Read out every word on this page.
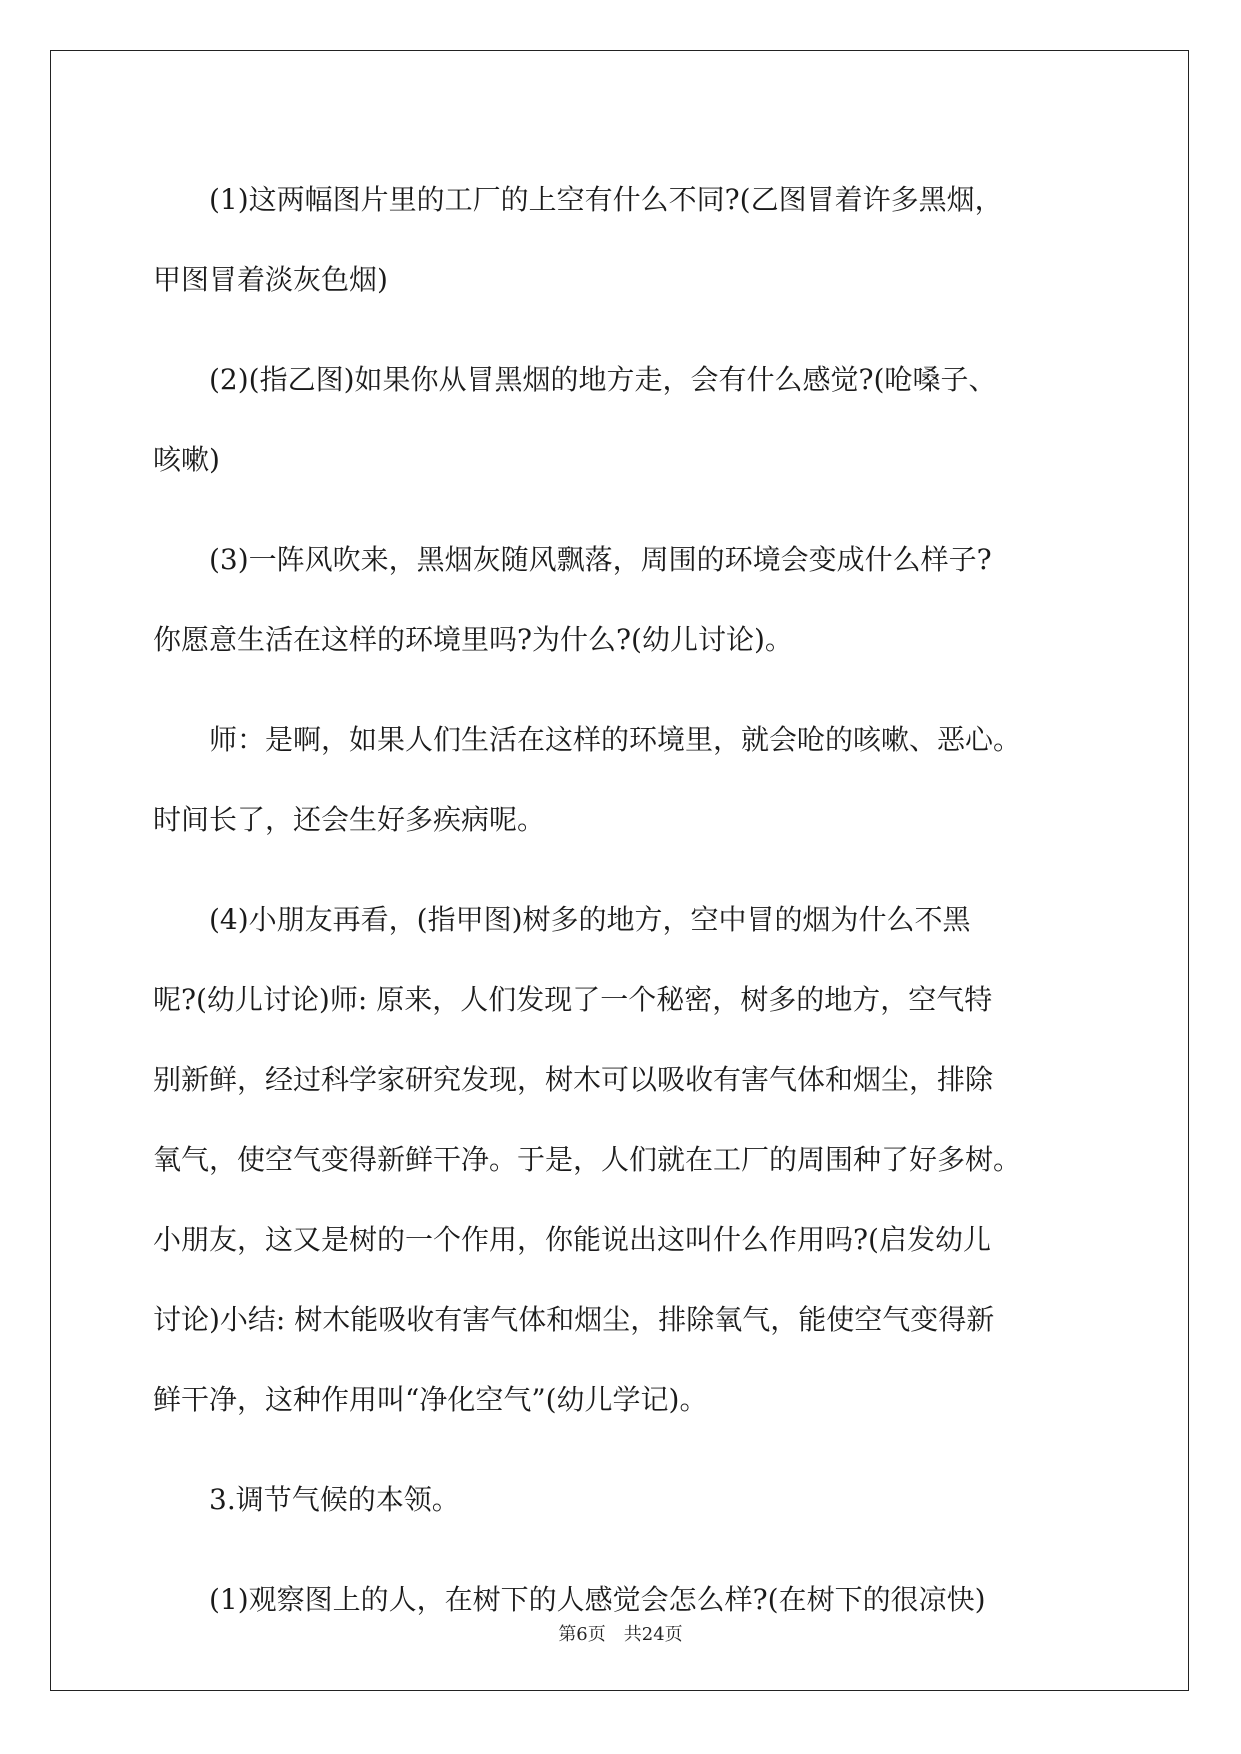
(1)这两幅图片里的工厂的上空有什么不同?(乙图冒着许多黑烟，
甲图冒着淡灰色烟)
(2)(指乙图)如果你从冒黑烟的地方走，会有什么感觉?(呛嗓子、
咳嗽)
(3)一阵风吹来，黑烟灰随风飘落，周围的环境会变成什么样子?
你愿意生活在这样的环境里吗?为什么?(幼儿讨论)。
师：是啊，如果人们生活在这样的环境里，就会呛的咳嗽、恶心。
时间长了，还会生好多疾病呢。
(4)小朋友再看，(指甲图)树多的地方，空中冒的烟为什么不黑
呢?(幼儿讨论)师: 原来，人们发现了一个秘密，树多的地方，空气特
别新鲜，经过科学家研究发现，树木可以吸收有害气体和烟尘，排除
氧气，使空气变得新鲜干净。于是，人们就在工厂的周围种了好多树。
小朋友，这又是树的一个作用，你能说出这叫什么作用吗?(启发幼儿
讨论)小结: 树木能吸收有害气体和烟尘，排除氧气，能使空气变得新
鲜干净，这种作用叫“净化空气”(幼儿学记)。
3.调节气候的本领。
(1)观察图上的人，在树下的人感觉会怎么样?(在树下的很凉快)
第6页　共24页
